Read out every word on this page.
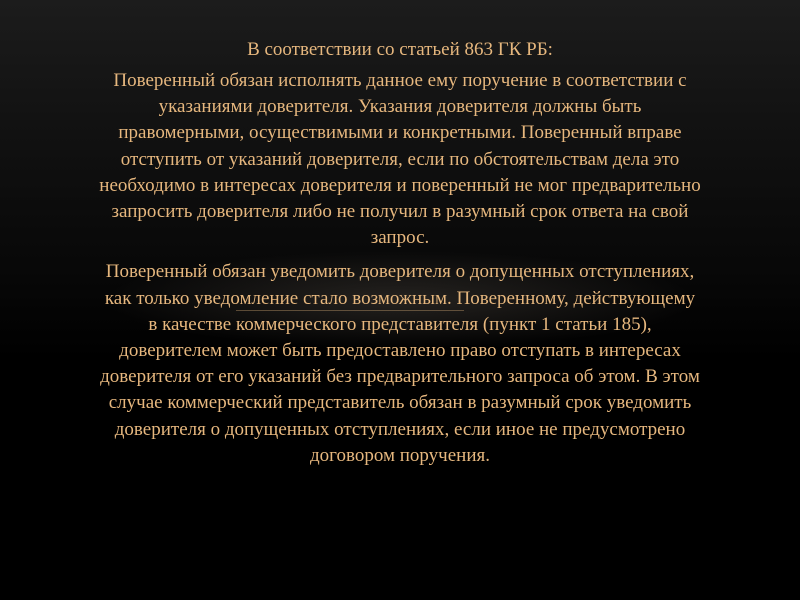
В соответствии со статьей 863 ГК РБ:
Поверенный обязан исполнять данное ему поручение в соответствии с
указаниями доверителя. Указания доверителя должны быть
правомерными, осуществимыми и конкретными. Поверенный вправе
отступить от указаний доверителя, если по обстоятельствам дела это
необходимо в интересах доверителя и поверенный не мог предварительно
запросить доверителя либо не получил в разумный срок ответа на свой
запрос.
Поверенный обязан уведомить доверителя о допущенных отступлениях,
как только уведомление стало возможным. Поверенному, действующему
в качестве коммерческого представителя (пункт 1 статьи 185),
доверителем может быть предоставлено право отступать в интересах
доверителя от его указаний без предварительного запроса об этом. В этом
случае коммерческий представитель обязан в разумный срок уведомить
доверителя о допущенных отступлениях, если иное не предусмотрено
договором поручения.
